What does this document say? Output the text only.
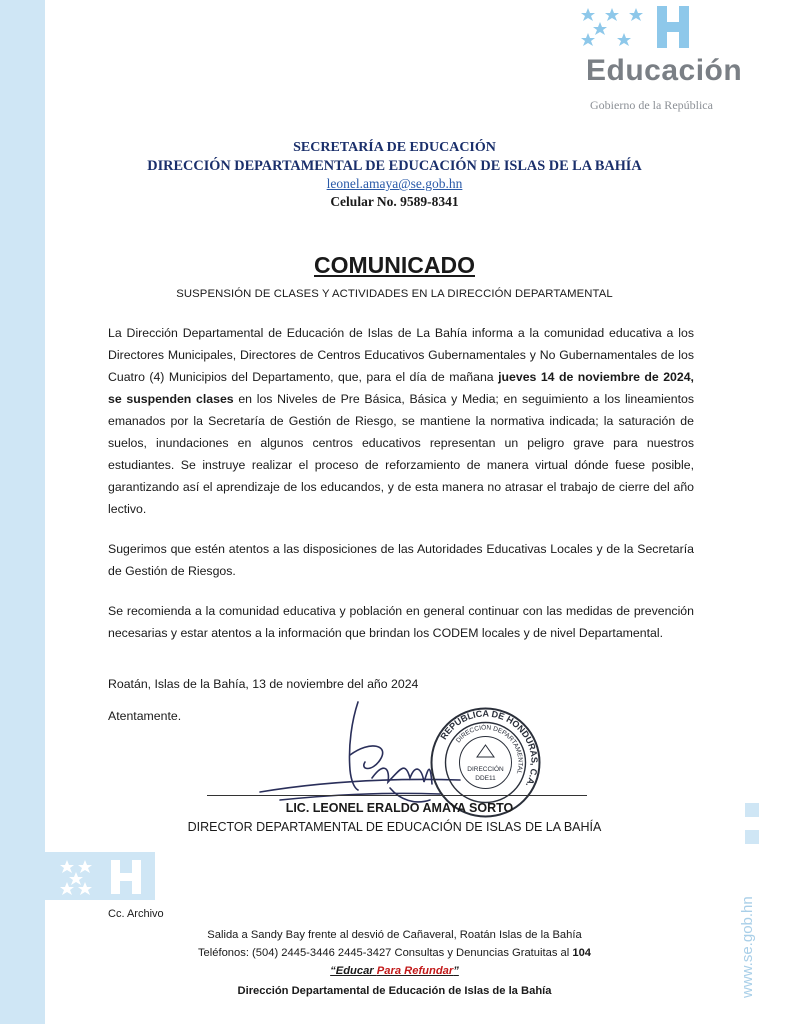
Educación
Gobierno de la República
SECRETARÍA DE EDUCACIÓN
DIRECCIÓN DEPARTAMENTAL DE EDUCACIÓN DE ISLAS DE LA BAHÍA
leonel.amaya@se.gob.hn
Celular No. 9589-8341
COMUNICADO
SUSPENSIÓN DE CLASES Y ACTIVIDADES EN LA DIRECCIÓN DEPARTAMENTAL

La Dirección Departamental de Educación de Islas de La Bahía informa a la comunidad educativa a los Directores Municipales, Directores de Centros Educativos Gubernamentales y No Gubernamentales de los Cuatro (4) Municipios del Departamento, que, para el día de mañana jueves 14 de noviembre de 2024, se suspenden clases en los Niveles de Pre Básica, Básica y Media; en seguimiento a los lineamientos emanados por la Secretaría de Gestión de Riesgo, se mantiene la normativa indicada; la saturación de suelos, inundaciones en algunos centros educativos representan un peligro grave para nuestros estudiantes. Se instruye realizar el proceso de reforzamiento de manera virtual dónde fuese posible, garantizando así el aprendizaje de los educandos, y de esta manera no atrasar el trabajo de cierre del año lectivo.

Sugerimos que estén atentos a las disposiciones de las Autoridades Educativas Locales y de la Secretaría de Gestión de Riesgos.

Se recomienda a la comunidad educativa y población en general continuar con las medidas de prevención necesarias y estar atentos a la información que brindan los CODEM locales y de nivel Departamental.

Roatán, Islas de la Bahía, 13 de noviembre del año 2024
Atentamente.
REPÚBLICA DE HONDURAS, C.A.
DIRECCIÓN DEPARTAMENTAL
DIRECCIÓN
DDE11
LIC. LEONEL ERALDO AMAYA SORTO
DIRECTOR DEPARTAMENTAL DE EDUCACIÓN DE ISLAS DE LA BAHÍA
Cc. Archivo
Salida a Sandy Bay frente al desvió de Cañaveral, Roatán Islas de la Bahía
Teléfonos: (504) 2445-3446 2445-3427 Consultas y Denuncias Gratuitas al 104
“Educar Para Refundar”
Dirección Departamental de Educación de Islas de la Bahía	www.se.gob.hn
